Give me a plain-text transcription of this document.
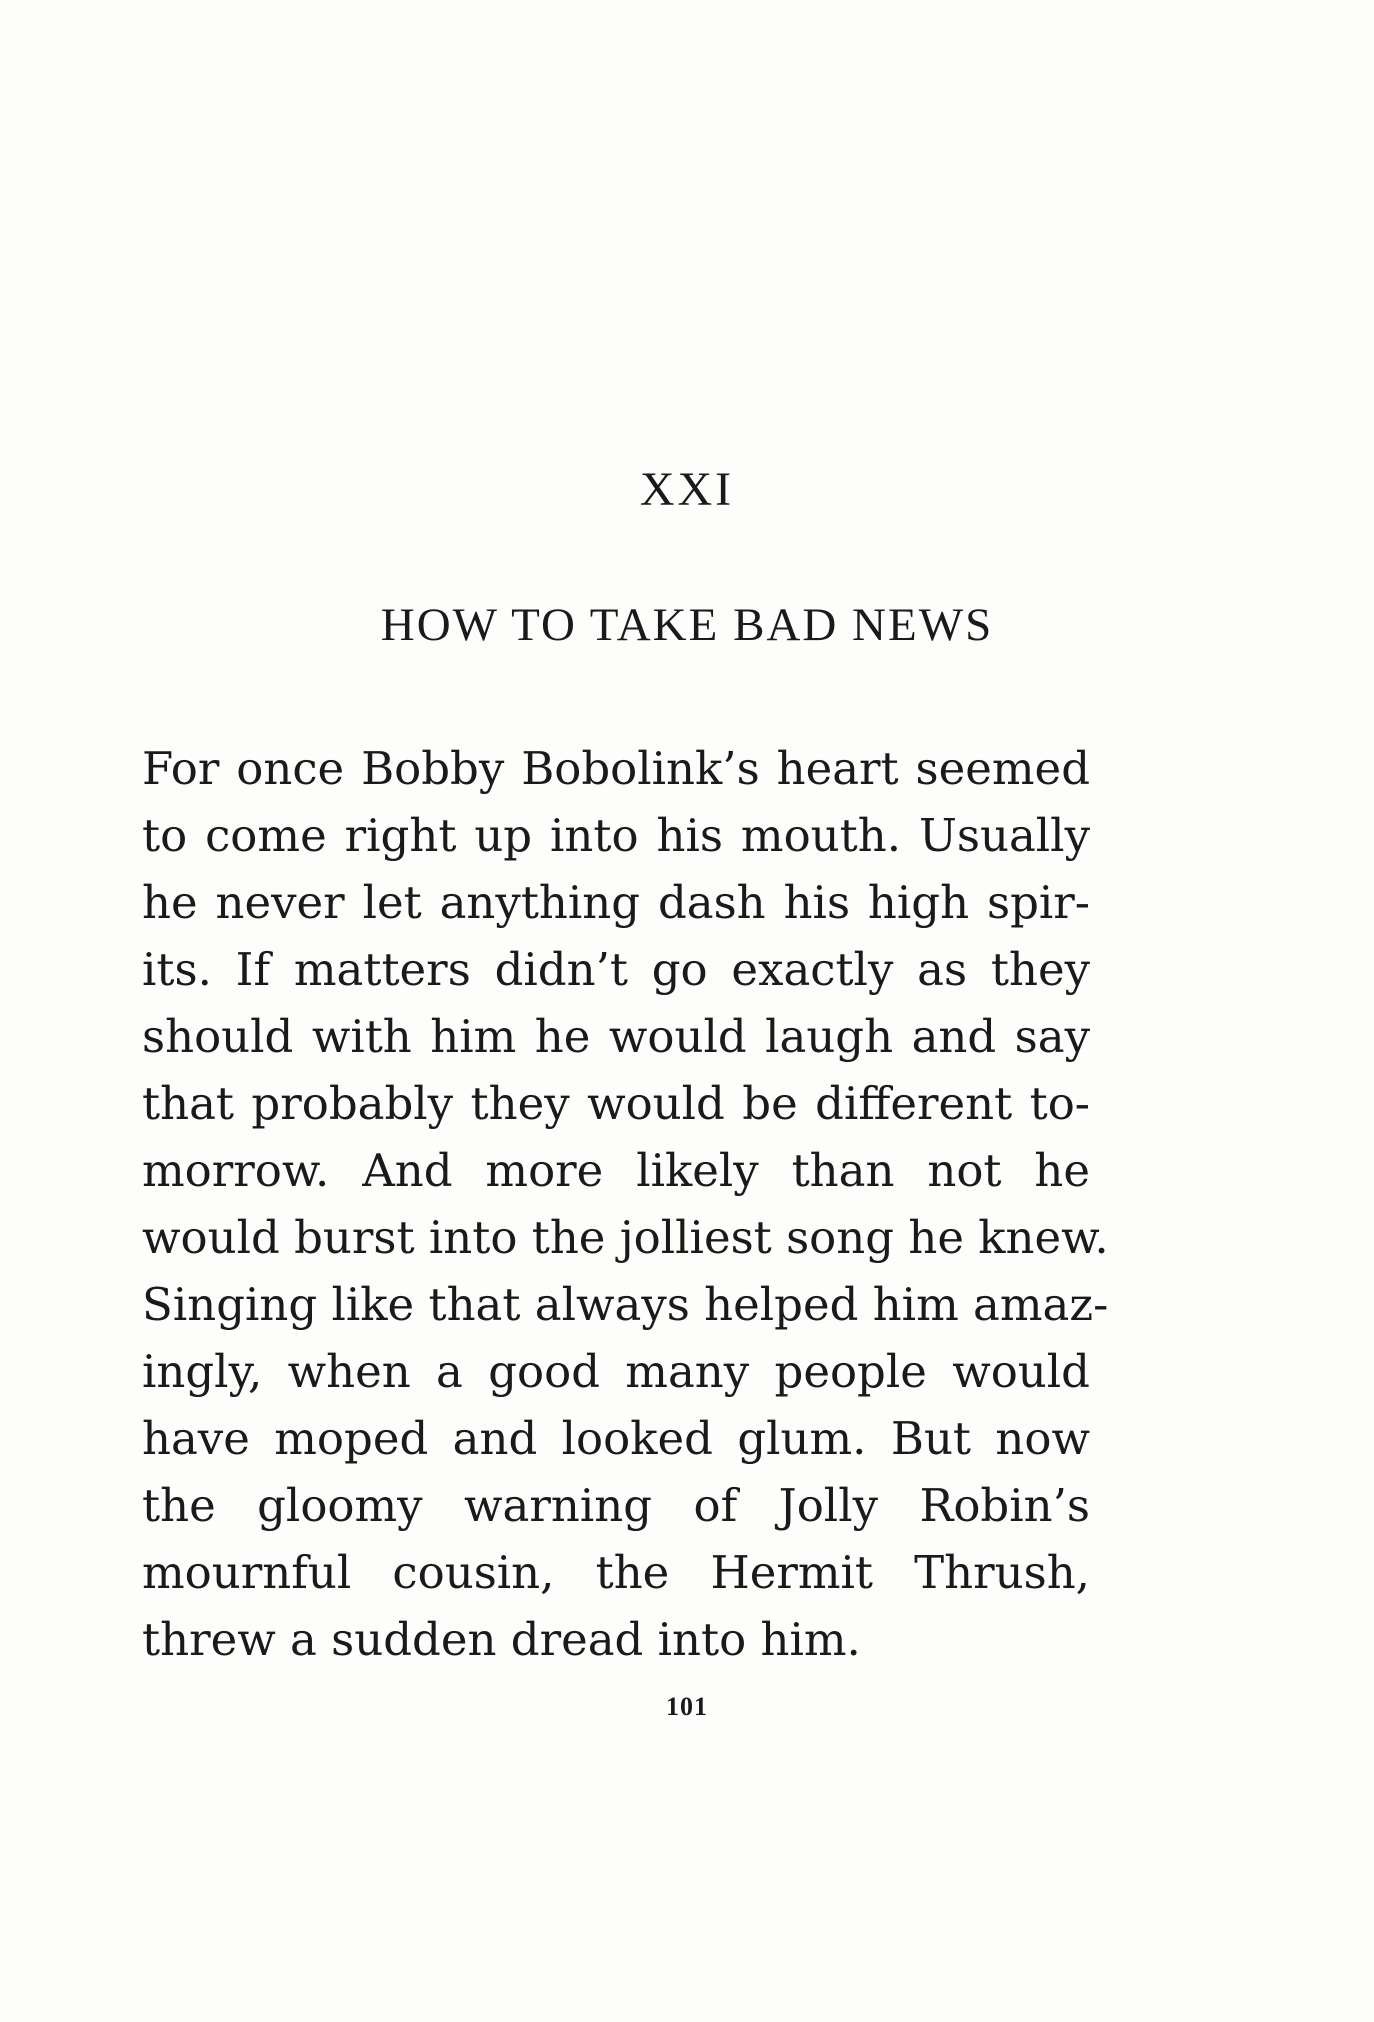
XXI
HOW TO TAKE BAD NEWS
For once Bobby Bobolink’s heart seemed
to come right up into his mouth. Usually
he never let anything dash his high spir-
its. If matters didn’t go exactly as they
should with him he would laugh and say
that probably they would be different to-
morrow. And more likely than not he
would burst into the jolliest song he knew.
Singing like that always helped him amaz-
ingly, when a good many people would
have moped and looked glum. But now
the gloomy warning of Jolly Robin’s
mournful cousin, the Hermit Thrush,
threw a sudden dread into him.

101
